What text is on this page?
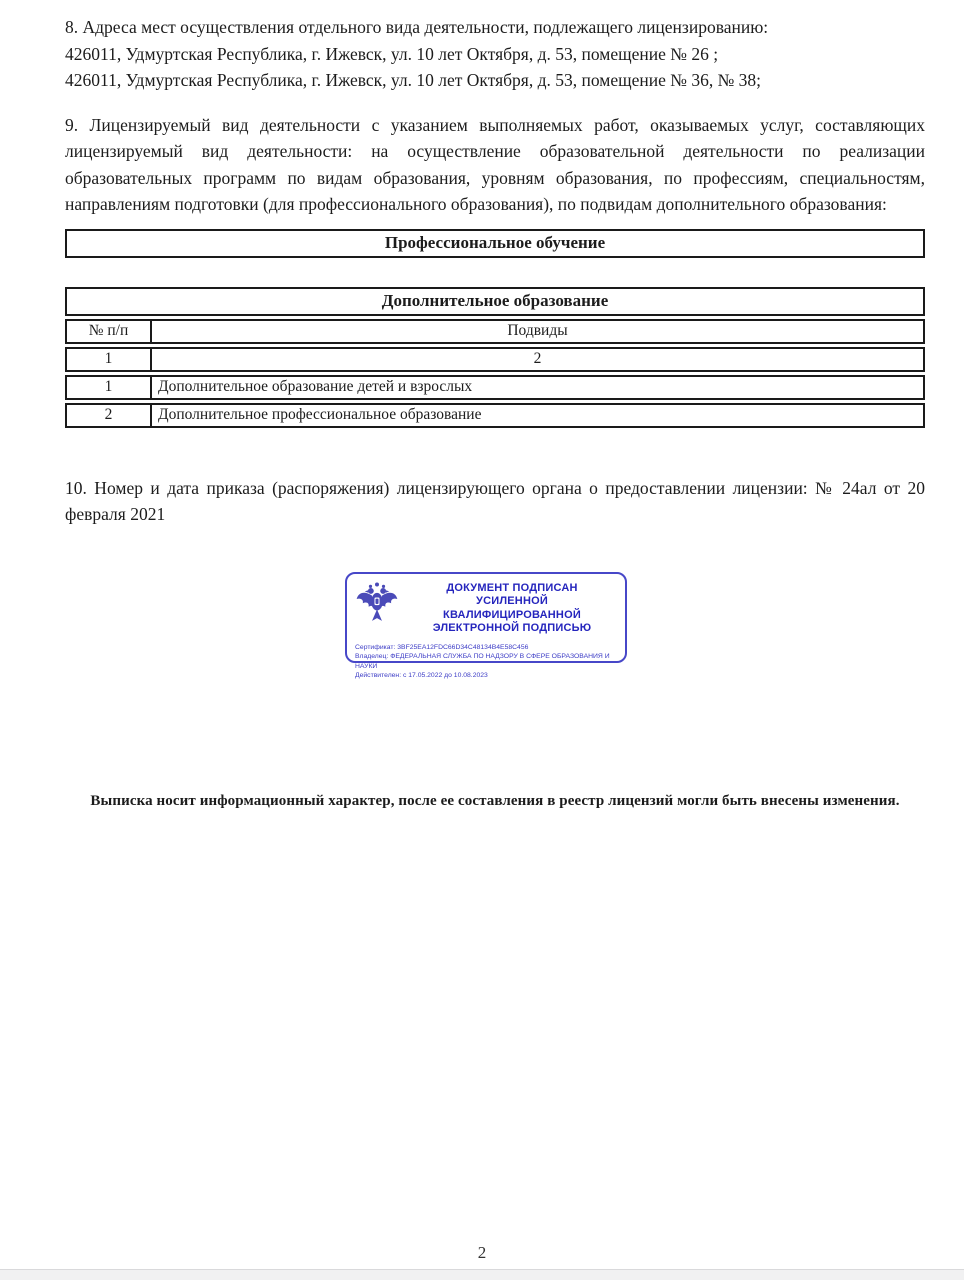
8. Адреса мест осуществления отдельного вида деятельности, подлежащего лицензированию:
426011, Удмуртская Республика, г. Ижевск, ул. 10 лет Октября, д. 53, помещение № 26 ;
426011, Удмуртская Республика, г. Ижевск, ул. 10 лет Октября, д. 53, помещение № 36, № 38;
9. Лицензируемый вид деятельности с указанием выполняемых работ, оказываемых услуг, составляющих лицензируемый вид деятельности: на осуществление образовательной деятельности по реализации образовательных программ по видам образования, уровням образования, по профессиям, специальностям, направлениям подготовки (для профессионального образования), по подвидам дополнительного образования:
Профессиональное обучение
Дополнительное образование	
№ п/п	Подвиды
1	2
1	Дополнительное образование детей и взрослых
2	Дополнительное профессиональное образование
10. Номер и дата приказа (распоряжения) лицензирующего органа о предоставлении лицензии: № 24ал от 20 февраля 2021
ДОКУМЕНТ ПОДПИСАН
УСИЛЕННОЙ КВАЛИФИЦИРОВАННОЙ
ЭЛЕКТРОННОЙ ПОДПИСЬЮ
Сертификат: 3BF25EA12FDC66D34C48134B4E58C456
Владелец: ФЕДЕРАЛЬНАЯ СЛУЖБА ПО НАДЗОРУ В СФЕРЕ ОБРАЗОВАНИЯ И НАУКИ
Действителен: с 17.05.2022 до 10.08.2023
Выписка носит информационный характер, после ее составления в реестр лицензий могли быть внесены изменения.
2
